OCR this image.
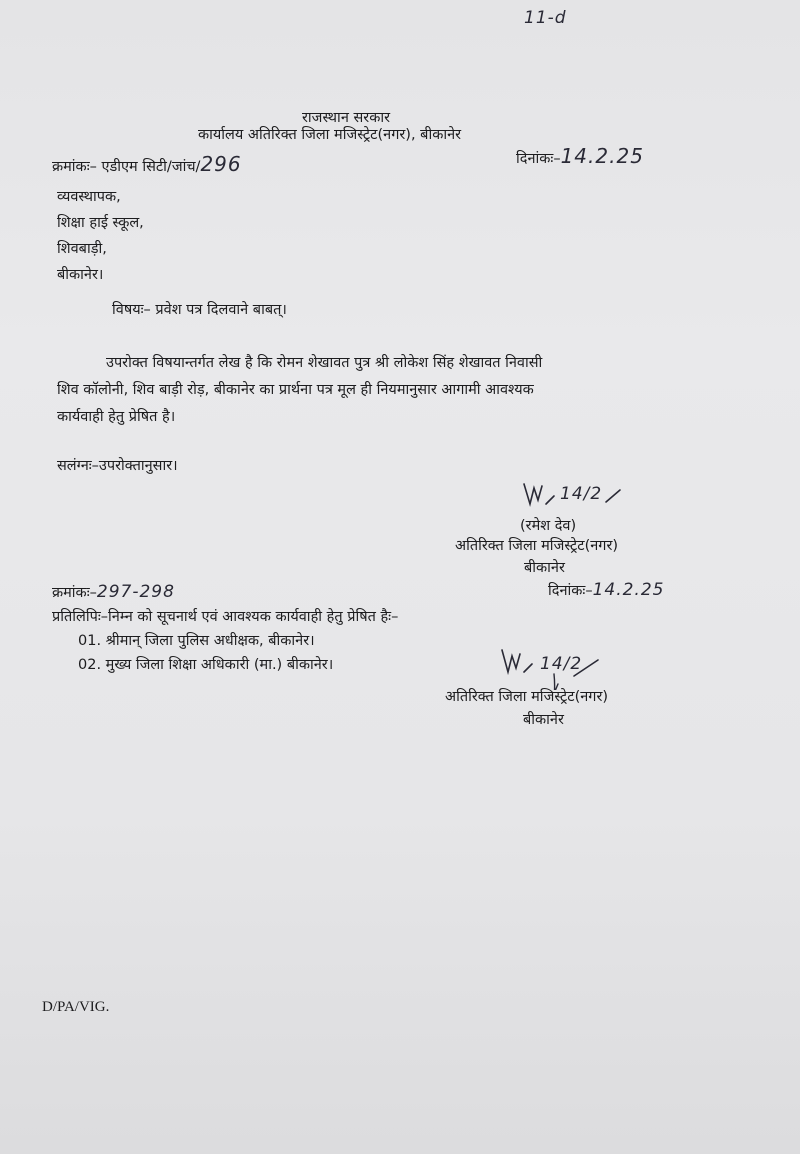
11-d
राजस्थान सरकार
कार्यालय अतिरिक्त जिला मजिस्ट्रेट(नगर), बीकानेर
क्रमांकः– एडीएम सिटी/जांच/296	दिनांकः–14.2.25
व्यवस्थापक,
शिक्षा हाई स्कूल,
शिवबाड़ी,
बीकानेर।
विषयः– प्रवेश पत्र दिलवाने बाबत्।
उपरोक्त विषयान्तर्गत लेख है कि रोमन शेखावत पुत्र श्री लोकेश सिंह शेखावत निवासी
शिव कॉलोनी, शिव बाड़ी रोड़, बीकानेर का प्रार्थना पत्र मूल ही नियमानुसार आगामी आवश्यक
कार्यवाही हेतु प्रेषित है।
सलंग्नः–उपरोक्तानुसार।
14/2
(रमेश देव)
अतिरिक्त जिला मजिस्ट्रेट(नगर)
बीकानेर
क्रमांकः–297-298	दिनांकः–14.2.25
प्रतिलिपिः–निम्न को सूचनार्थ एवं आवश्यक कार्यवाही हेतु प्रेषित हैः–
01. श्रीमान् जिला पुलिस अधीक्षक, बीकानेर।
02. मुख्य जिला शिक्षा अधिकारी (मा.) बीकानेर।	14/2
अतिरिक्त जिला मजिस्ट्रेट(नगर)
बीकानेर
D/PA/VIG.
